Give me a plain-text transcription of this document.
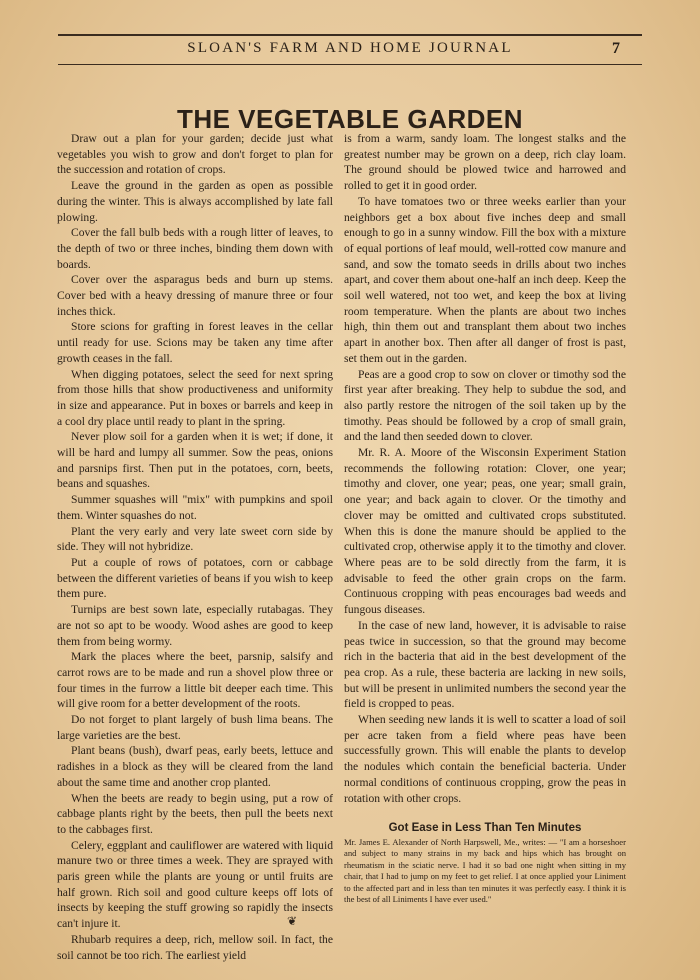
SLOAN'S FARM AND HOME JOURNAL	7
THE VEGETABLE GARDEN

Draw out a plan for your garden; decide just what vegetables you wish to grow and don't forget to plan for the succession and rotation of crops.

Leave the ground in the garden as open as possible during the winter. This is always accomplished by late fall plowing.

Cover the fall bulb beds with a rough litter of leaves, to the depth of two or three inches, binding them down with boards.

Cover over the asparagus beds and burn up stems. Cover bed with a heavy dressing of manure three or four inches thick.

Store scions for grafting in forest leaves in the cellar until ready for use. Scions may be taken any time after growth ceases in the fall.

When digging potatoes, select the seed for next spring from those hills that show productiveness and uniformity in size and appearance. Put in boxes or barrels and keep in a cool dry place until ready to plant in the spring.

Never plow soil for a garden when it is wet; if done, it will be hard and lumpy all summer. Sow the peas, onions and parsnips first. Then put in the potatoes, corn, beets, beans and squashes.

Summer squashes will "mix" with pumpkins and spoil them. Winter squashes do not.

Plant the very early and very late sweet corn side by side. They will not hybridize.

Put a couple of rows of potatoes, corn or cabbage between the different varieties of beans if you wish to keep them pure.

Turnips are best sown late, especially rutabagas. They are not so apt to be woody. Wood ashes are good to keep them from being wormy.

Mark the places where the beet, parsnip, salsify and carrot rows are to be made and run a shovel plow three or four times in the furrow a little bit deeper each time. This will give room for a better development of the roots.

Do not forget to plant largely of bush lima beans. The large varieties are the best.

Plant beans (bush), dwarf peas, early beets, lettuce and radishes in a block as they will be cleared from the land about the same time and another crop planted.

When the beets are ready to begin using, put a row of cabbage plants right by the beets, then pull the beets next to the cabbages first.

Celery, eggplant and cauliflower are watered with liquid manure two or three times a week. They are sprayed with paris green while the plants are young or until fruits are half grown. Rich soil and good culture keeps off lots of insects by keeping the stuff growing so rapidly the insects can't injure it.

Rhubarb requires a deep, rich, mellow soil. In fact, the soil cannot be too rich. The earliest yield

is from a warm, sandy loam. The longest stalks and the greatest number may be grown on a deep, rich clay loam. The ground should be plowed twice and harrowed and rolled to get it in good order.

To have tomatoes two or three weeks earlier than your neighbors get a box about five inches deep and small enough to go in a sunny window. Fill the box with a mixture of equal portions of leaf mould, well-rotted cow manure and sand, and sow the tomato seeds in drills about two inches apart, and cover them about one-half an inch deep. Keep the soil well watered, not too wet, and keep the box at living room temperature. When the plants are about two inches high, thin them out and transplant them about two inches apart in another box. Then after all danger of frost is past, set them out in the garden.

Peas are a good crop to sow on clover or timothy sod the first year after breaking. They help to subdue the sod, and also partly restore the nitrogen of the soil taken up by the timothy. Peas should be followed by a crop of small grain, and the land then seeded down to clover.

Mr. R. A. Moore of the Wisconsin Experiment Station recommends the following rotation: Clover, one year; timothy and clover, one year; peas, one year; small grain, one year; and back again to clover. Or the timothy and clover may be omitted and cultivated crops substituted. When this is done the manure should be applied to the cultivated crop, otherwise apply it to the timothy and clover. Where peas are to be sold directly from the farm, it is advisable to feed the other grain crops on the farm. Continuous cropping with peas encourages bad weeds and fungous diseases.

In the case of new land, however, it is advisable to raise peas twice in succession, so that the ground may become rich in the bacteria that aid in the best development of the pea crop. As a rule, these bacteria are lacking in new soils, but will be present in unlimited numbers the second year the field is cropped to peas.

When seeding new lands it is well to scatter a load of soil per acre taken from a field where peas have been successfully grown. This will enable the plants to develop the nodules which contain the beneficial bacteria. Under normal conditions of continuous cropping, grow the peas in rotation with other crops.

Got Ease in Less Than Ten Minutes

Mr. James E. Alexander of North Harpswell, Me., writes: — "I am a horseshoer and subject to many strains in my back and hips which has brought on rheumatism in the sciatic nerve. I had it so bad one night when sitting in my chair, that I had to jump on my feet to get relief. I at once applied your Liniment to the affected part and in less than ten minutes it was perfectly easy. I think it is the best of all Liniments I have ever used."

❦
